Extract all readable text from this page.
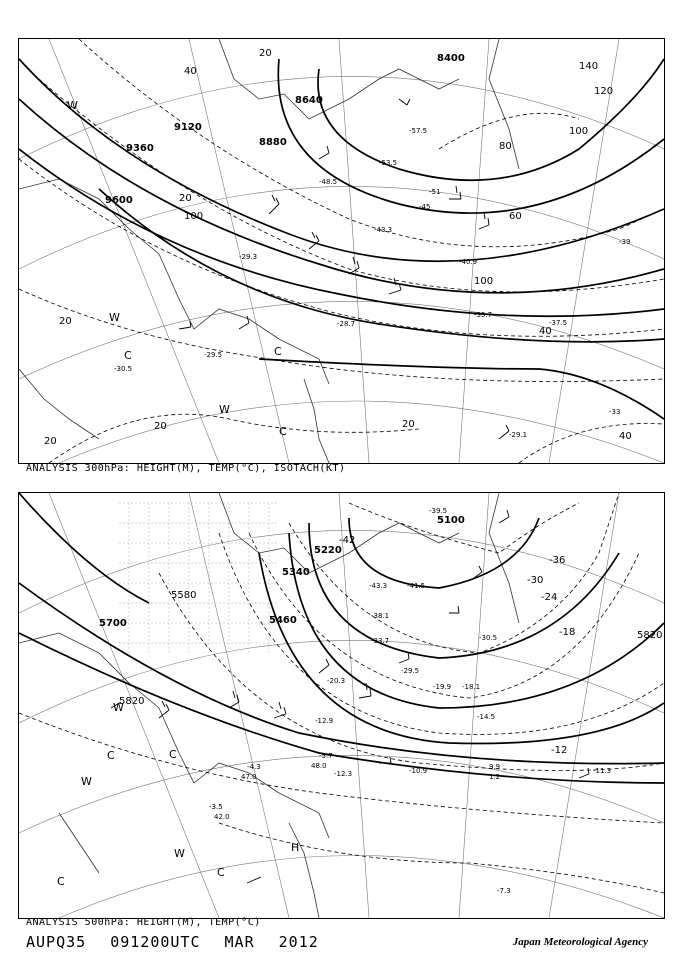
20
40
60
80
100
120
140
20
20
100
100
40
40
20
20
20
8400
8640
8880
9120
9360
9600
-57.5
-53.5
-51
-48.5
-45
-43.3
-40.9
-39
-37.5
-35.7
-33
-30.5
-29.5
-29.3
-29.1
-28.7
W
C
W
C
C
W
ANALYSIS 300hPa: HEIGHT(M), TEMP(°C), ISOTACH(KT)
5100
5220
5340
5460
5580
5700
5820
5820
-42
-36
-30
-24
-18
-12
-39.5
-43.3	-41.5
-38.1
-33.7	-30.5
-29.5
-20.3
-19.9 -18.1
-14.5
-12.9
-12.3	-11.3
-10.9
-7.3
-5.7
-3.5
-4.3	9.9
1.2
42.0
47.0
48.0
W
C
W
C
W
C
H
C
ANALYSIS 500hPa: HEIGHT(M), TEMP(°C)
AUPQ35 091200UTC MAR 2012	Japan Meteorological Agency
